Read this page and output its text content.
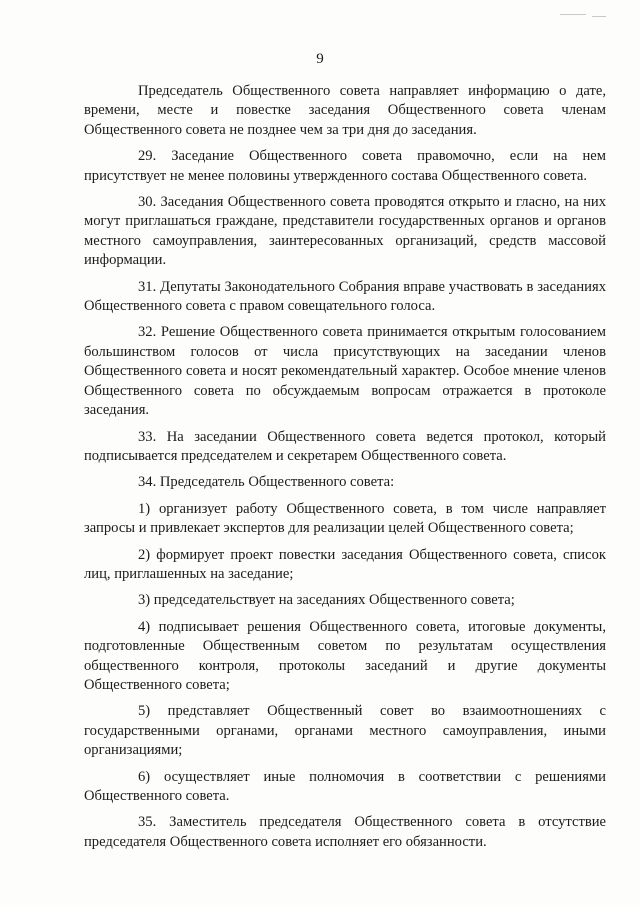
9

Председатель Общественного совета направляет информацию о дате, времени, месте и повестке заседания Общественного совета членам Общественного совета не позднее чем за три дня до заседания.

29. Заседание Общественного совета правомочно, если на нем присутствует не менее половины утвержденного состава Общественного совета.

30. Заседания Общественного совета проводятся открыто и гласно, на них могут приглашаться граждане, представители государственных органов и органов местного самоуправления, заинтересованных организаций, средств массовой информации.

31. Депутаты Законодательного Собрания вправе участвовать в заседаниях Общественного совета с правом совещательного голоса.

32. Решение Общественного совета принимается открытым голосованием большинством голосов от числа присутствующих на заседании членов Общественного совета и носят рекомендательный характер. Особое мнение членов Общественного совета по обсуждаемым вопросам отражается в протоколе заседания.

33. На заседании Общественного совета ведется протокол, который подписывается председателем и секретарем Общественного совета.

34. Председатель Общественного совета:

1) организует работу Общественного совета, в том числе направляет запросы и привлекает экспертов для реализации целей Общественного совета;

2) формирует проект повестки заседания Общественного совета, список лиц, приглашенных на заседание;

3) председательствует на заседаниях Общественного совета;

4) подписывает решения Общественного совета, итоговые документы, подготовленные Общественным советом по результатам осуществления общественного контроля, протоколы заседаний и другие документы Общественного совета;

5) представляет Общественный совет во взаимоотношениях с государственными органами, органами местного самоуправления, иными организациями;

6) осуществляет иные полномочия в соответствии с решениями Общественного совета.

35. Заместитель председателя Общественного совета в отсутствие председателя Общественного совета исполняет его обязанности.
